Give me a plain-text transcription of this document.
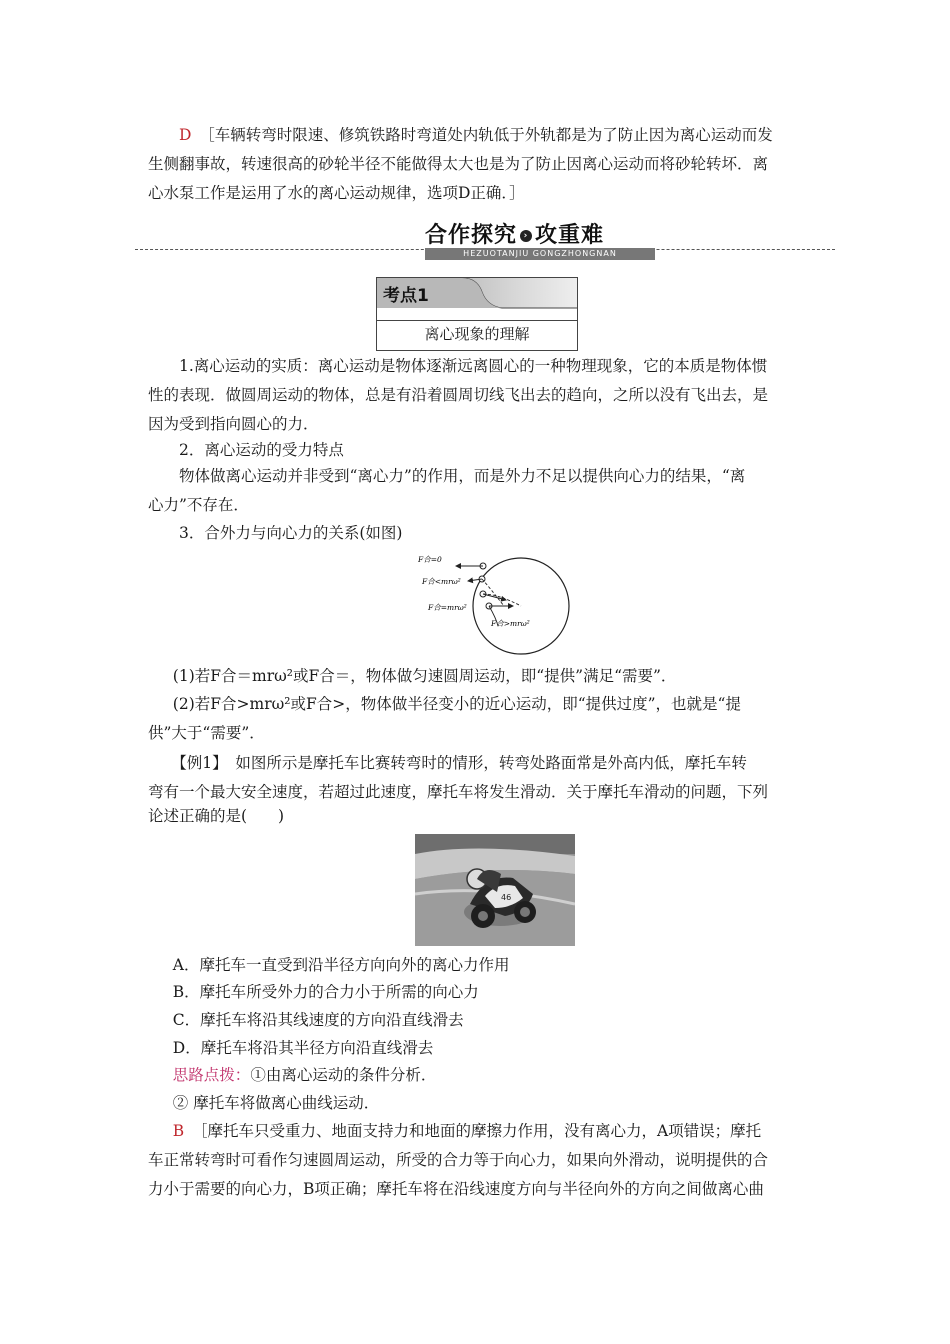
D　 ［车辆转弯时限速、修筑铁路时弯道处内轨低于外轨都是为了防止因为离心运动而发
生侧翻事故，转速很高的砂轮半径不能做得太大也是为了防止因离心运动而将砂轮转坏．离
心水泵工作是运用了水的离心运动规律，选项D正确．］
合作探究 › 攻重难
HEZUOTANJIU GONGZHONGNAN
考点1
离心现象的理解
1.离心运动的实质：离心运动是物体逐渐远离圆心的一种物理现象，它的本质是物体惯
性的表现．做圆周运动的物体，总是有沿着圆周切线飞出去的趋向，之所以没有飞出去，是
因为受到指向圆心的力．
2．离心运动的受力特点
物体做离心运动并非受到“离心力”的作用，而是外力不足以提供向心力的结果，“离
心力”不存在．
3．合外力与向心力的关系(如图)
F合=0
F合<mrω²
F合=mrω²
F合>mrω²
(1)若F合＝mrω²或F合＝，物体做匀速圆周运动，即“提供”满足“需要”．
(2)若F合>mrω²或F合>，物体做半径变小的近心运动，即“提供过度”，也就是“提
供”大于“需要”．
【例1】　如图所示是摩托车比赛转弯时的情形，转弯处路面常是外高内低，摩托车转
弯有一个最大安全速度，若超过此速度，摩托车将发生滑动．关于摩托车滑动的问题，下列
论述正确的是(　　)
46
A．摩托车一直受到沿半径方向向外的离心力作用
B．摩托车所受外力的合力小于所需的向心力
C．摩托车将沿其线速度的方向沿直线滑去
D．摩托车将沿其半径方向沿直线滑去
思路点拨：①由离心运动的条件分析．
② 摩托车将做离心曲线运动．
B　 ［摩托车只受重力、地面支持力和地面的摩擦力作用，没有离心力，A项错误；摩托
车正常转弯时可看作匀速圆周运动，所受的合力等于向心力，如果向外滑动，说明提供的合
力小于需要的向心力，B项正确；摩托车将在沿线速度方向与半径向外的方向之间做离心曲
